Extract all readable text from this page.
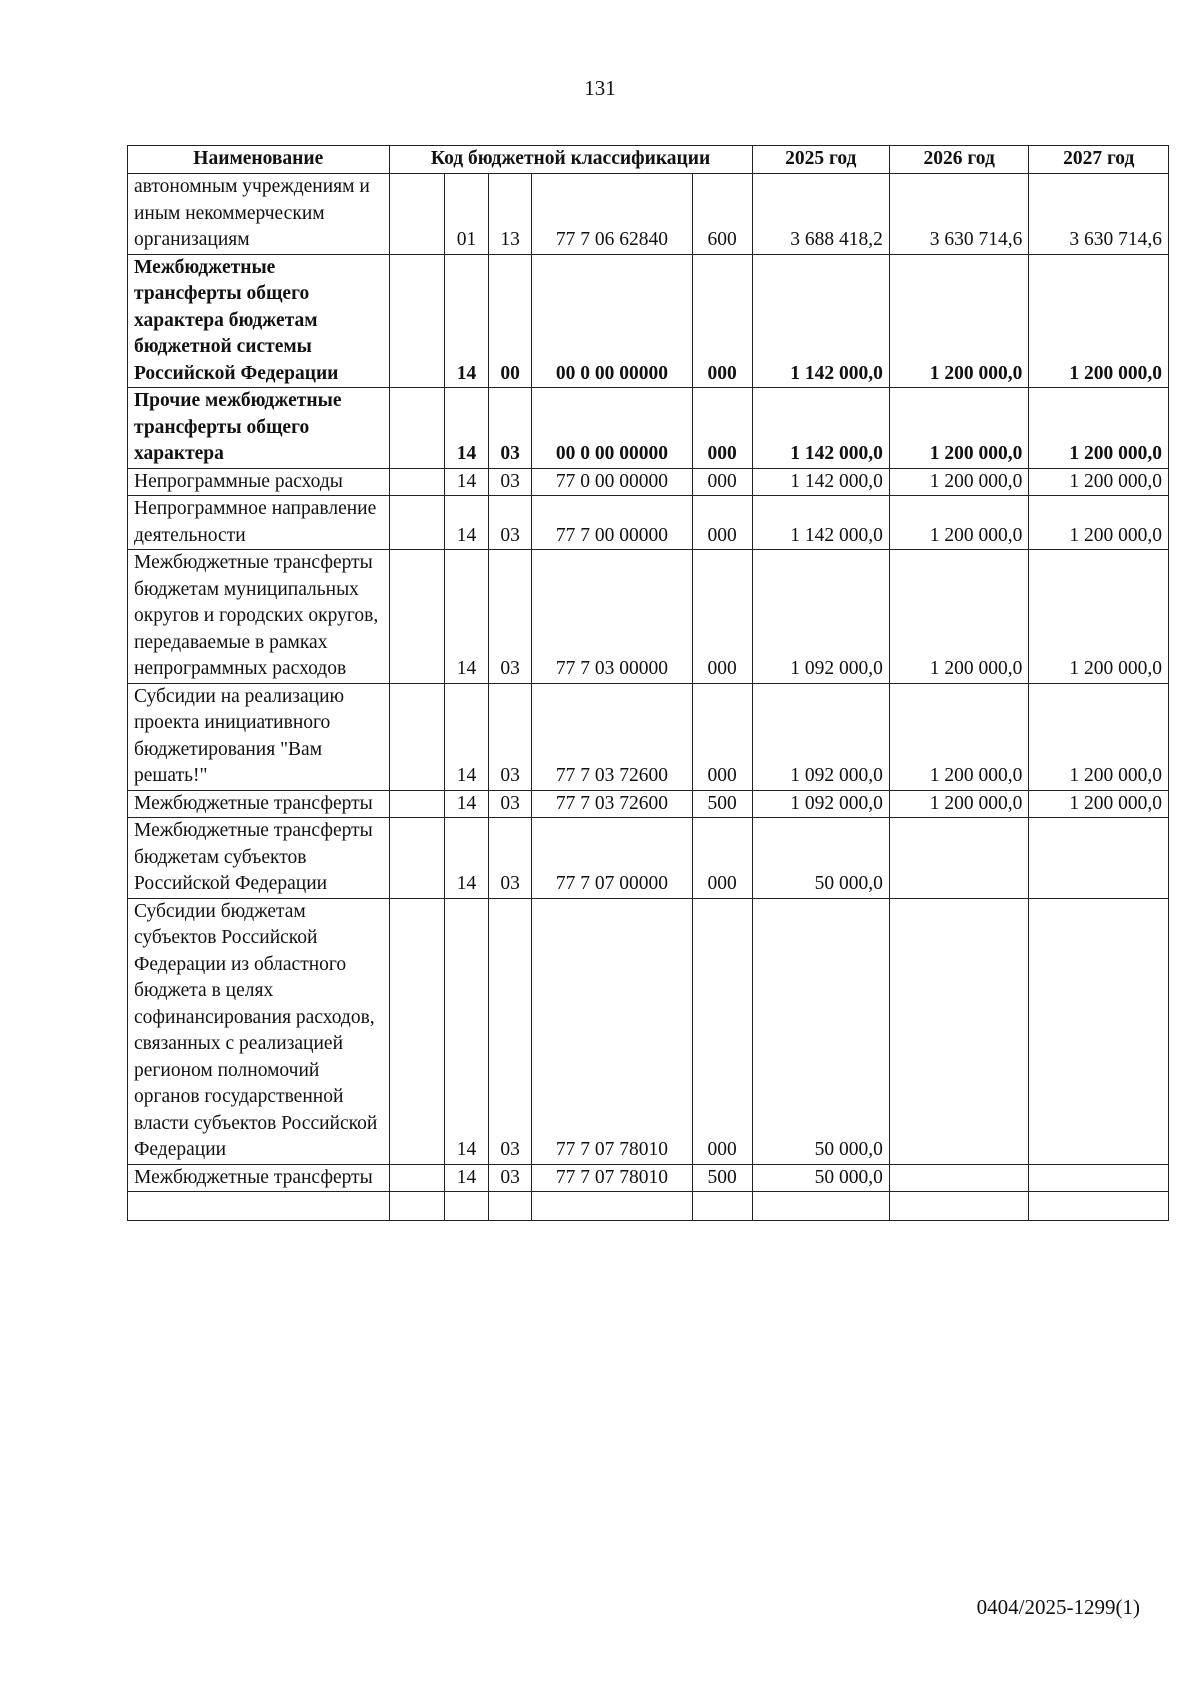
131
Наименование	Код бюджетной классификации					2025 год	2026 год	2027 год
автономным учреждениям и иным некоммерческим организациям		01	13	77 7 06 62840	600	3 688 418,2	3 630 714,6	3 630 714,6
Межбюджетные трансферты общего характера бюджетам бюджетной системы Российской Федерации		14	00	00 0 00 00000	000	1 142 000,0	1 200 000,0	1 200 000,0
Прочие межбюджетные трансферты общего характера		14	03	00 0 00 00000	000	1 142 000,0	1 200 000,0	1 200 000,0
Непрограммные расходы		14	03	77 0 00 00000	000	1 142 000,0	1 200 000,0	1 200 000,0
Непрограммное направление деятельности		14	03	77 7 00 00000	000	1 142 000,0	1 200 000,0	1 200 000,0
Межбюджетные трансферты бюджетам муниципальных округов и городских округов, передаваемые в рамках непрограммных расходов		14	03	77 7 03 00000	000	1 092 000,0	1 200 000,0	1 200 000,0
Субсидии на реализацию проекта инициативного бюджетирования "Вам решать!"		14	03	77 7 03 72600	000	1 092 000,0	1 200 000,0	1 200 000,0
Межбюджетные трансферты		14	03	77 7 03 72600	500	1 092 000,0	1 200 000,0	1 200 000,0
Межбюджетные трансферты бюджетам субъектов Российской Федерации		14	03	77 7 07 00000	000	50 000,0		
Субсидии бюджетам субъектов Российской Федерации из областного бюджета в целях софинансирования расходов, связанных с реализацией регионом полномочий органов государственной власти субъектов Российской Федерации		14	03	77 7 07 78010	000	50 000,0		
Межбюджетные трансферты		14	03	77 7 07 78010	500	50 000,0		

0404/2025-1299(1)
